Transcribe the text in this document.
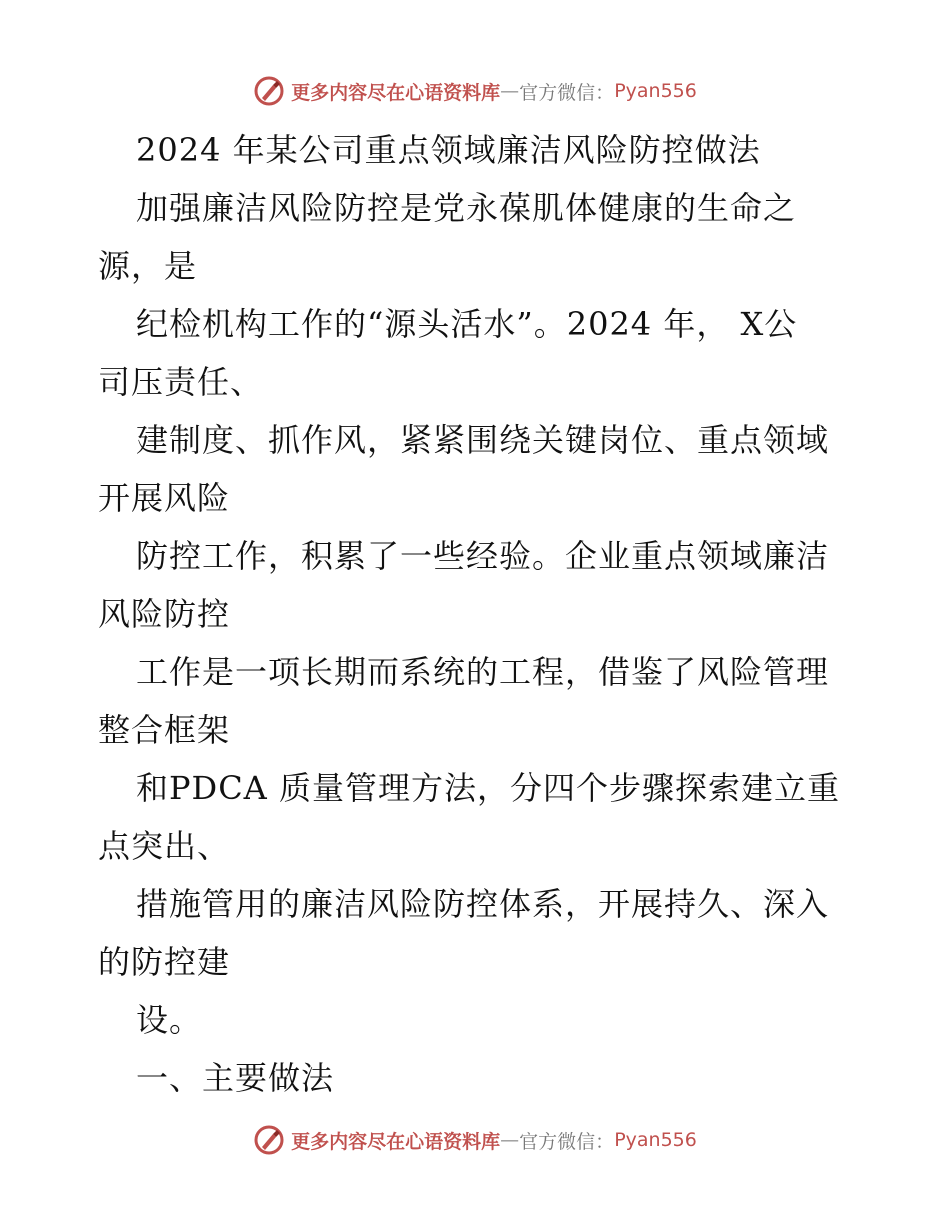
更多内容尽在心语资料库 — 官方微信： Pyan556
2024 年某公司重点领域廉洁风险防控做法
加强廉洁风险防控是党永葆肌体健康的生命之
源，是
纪检机构工作的“源头活水”。2024 年， X公
司压责任、
建制度、抓作风，紧紧围绕关键岗位、重点领域
开展风险
防控工作，积累了一些经验。企业重点领域廉洁
风险防控
工作是一项长期而系统的工程，借鉴了风险管理
整合框架
和PDCA 质量管理方法，分四个步骤探索建立重
点突出、
措施管用的廉洁风险防控体系，开展持久、深入
的防控建
设。
一、主要做法
更多内容尽在心语资料库 — 官方微信： Pyan556
